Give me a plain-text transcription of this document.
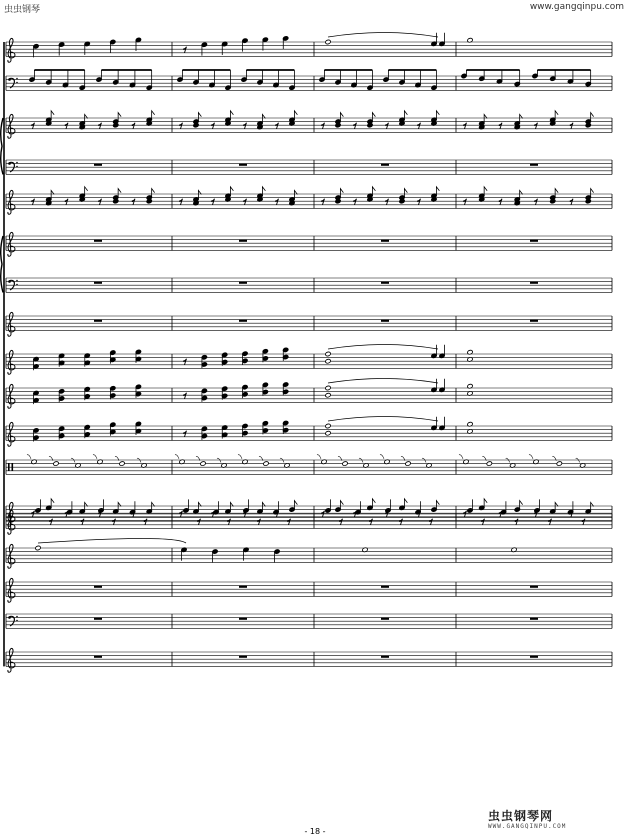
虫虫钢琴	www.gangqinpu.com
- 18 -
虫虫钢琴网
WWW.GANGQINPU.COM
